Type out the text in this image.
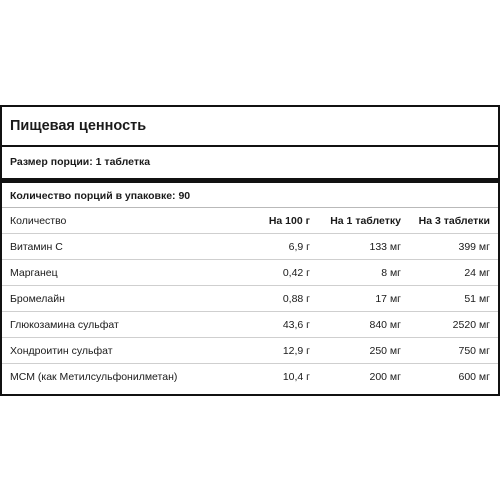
Пищевая ценность
Размер порции: 1 таблетка
Количество порций в упаковке: 90
Количество	На 100 г	На 1 таблетку	На 3 таблетки
Витамин С	6,9 г	133 мг	399 мг
Марганец	0,42 г	8 мг	24 мг
Бромелайн	0,88 г	17 мг	51 мг
Глюкозамина сульфат	43,6 г	840 мг	2520 мг
Хондроитин сульфат	12,9 г	250 мг	750 мг
МСМ (как Метилсульфонилметан)	10,4 г	200 мг	600 мг
